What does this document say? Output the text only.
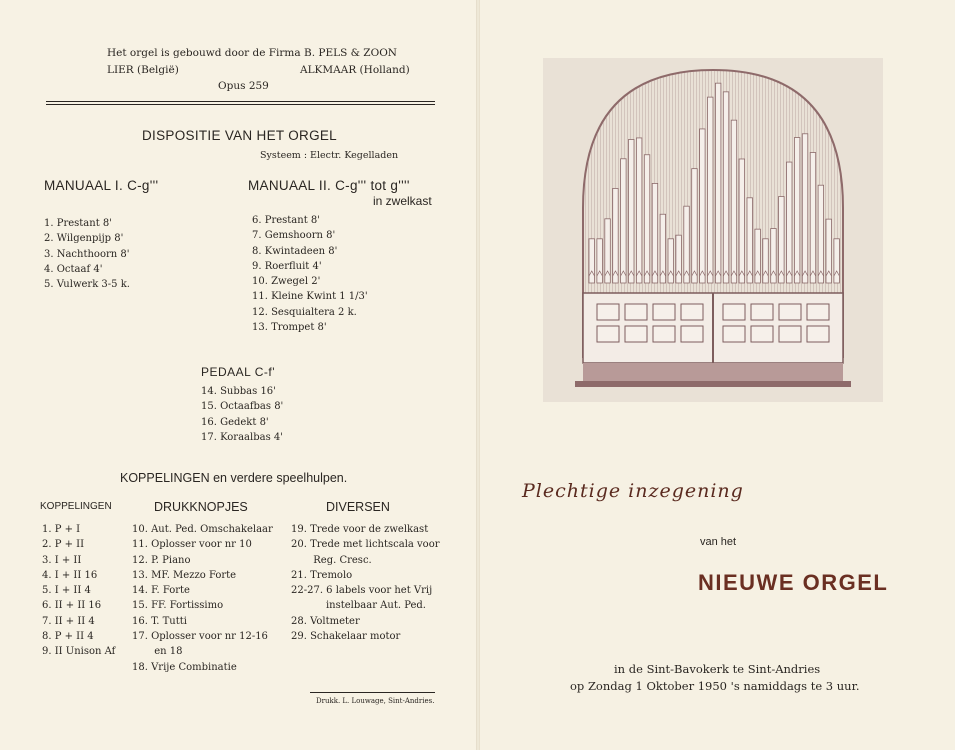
Het orgel is gebouwd door de Firma B. PELS & ZOON
LIER (België)	ALKMAAR (Holland)
Opus 259
DISPOSITIE VAN HET ORGEL
Systeem : Electr. Kegelladen
MANUAAL I. C-g'''
1. Prestant 8'
2. Wilgenpijp 8'
3. Nachthoorn 8'
4. Octaaf 4'
5. Vulwerk 3-5 k.
MANUAAL II. C-g''' tot g''''
in zwelkast
6. Prestant 8'
7. Gemshoorn 8'
8. Kwintadeen 8'
9. Roerfluit 4'
10. Zwegel 2'
11. Kleine Kwint 1 1/3'
12. Sesquialtera 2 k.
13. Trompet 8'
PEDAAL C-f'
14. Subbas 16'
15. Octaafbas 8'
16. Gedekt 8'
17. Koraalbas 4'
KOPPELINGEN en verdere speelhulpen.
KOPPELINGEN
1. P + I
2. P + II
3. I + II
4. I + II 16
5. I + II 4
6. II + II 16
7. II + II 4
8. P + II 4
9. II Unison Af
DRUKKNOPJES
10. Aut. Ped. Omschakelaar
11. Oplosser voor nr 10
12. P. Piano
13. MF. Mezzo Forte
14. F. Forte
15. FF. Fortissimo
16. T. Tutti
17. Oplosser voor nr 12-16
en 18
18. Vrije Combinatie
DIVERSEN
19. Trede voor de zwelkast
20. Trede met lichtscala voor
Reg. Cresc.
21. Tremolo
22-27. 6 labels voor het Vrij
instelbaar Aut. Ped.
28. Voltmeter
29. Schakelaar motor
Drukk. L. Louwage, Sint-Andries.
Plechtige inzegening
van het
NIEUWE ORGEL
in de Sint-Bavokerk te Sint-Andries
op Zondag 1 Oktober 1950 's namiddags te 3 uur.
